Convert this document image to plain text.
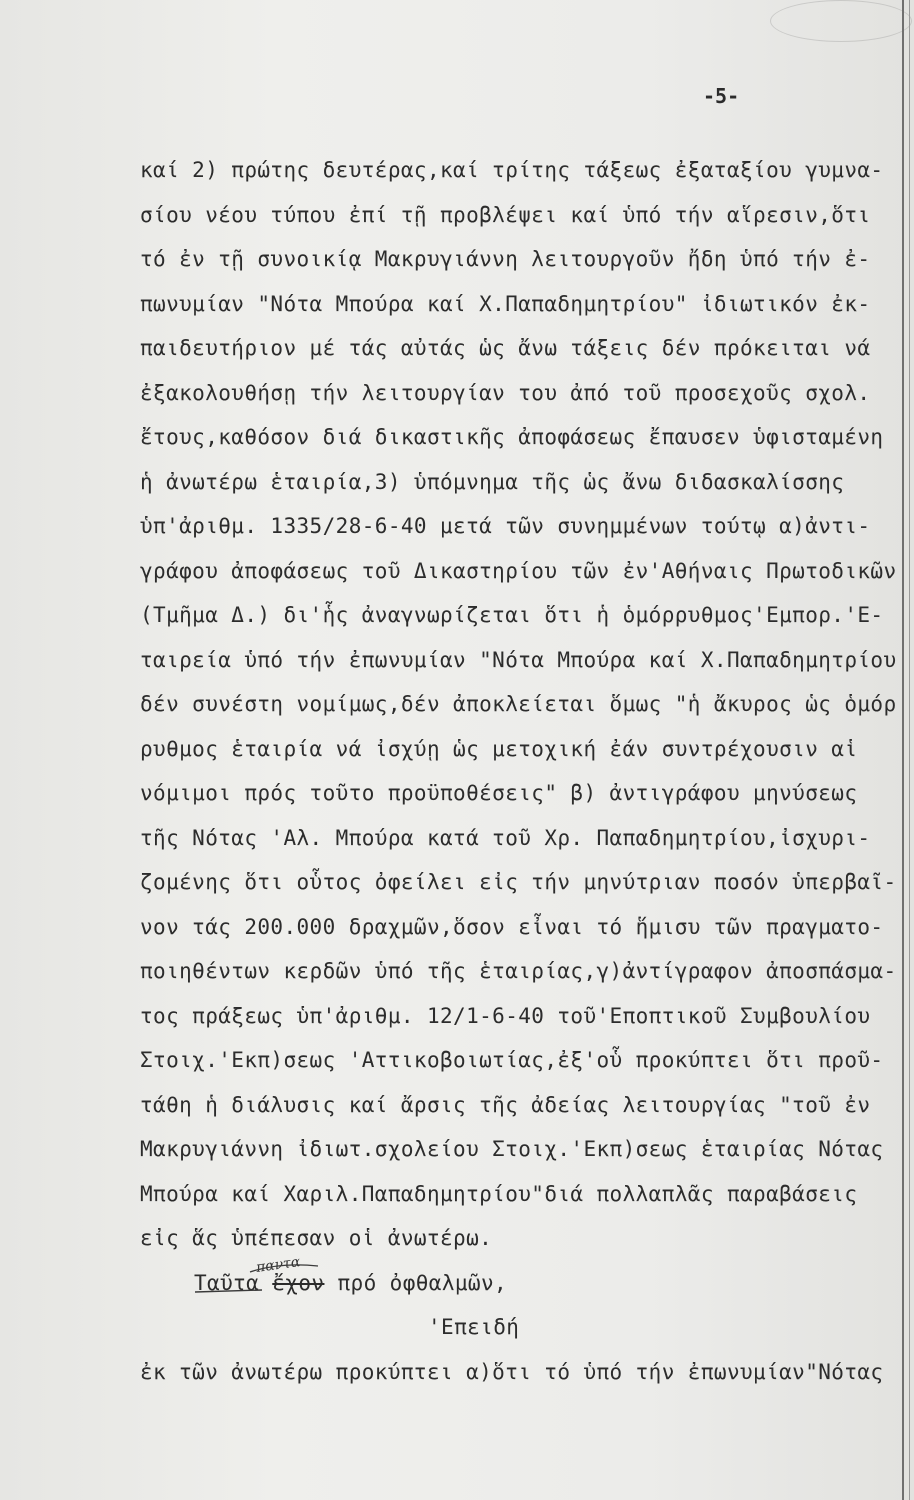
-5-
καί 2) πρώτης δευτέρας,καί τρίτης τάξεως ἐξαταξίου γυμνα-
σίου νέου τύπου ἐπί τῇ προβλέψει καί ὑπό τήν αἵρεσιν,ὅτι
τό ἐν τῇ συνοικίᾳ Μακρυγιάννη λειτουργοῦν ἤδη ὑπό τήν ἐ-
πωνυμίαν "Νότα Μπούρα καί Χ.Παπαδημητρίου" ἰδιωτικόν ἐκ-
παιδευτήριον μέ τάς αὐτάς ὡς ἄνω τάξεις δέν πρόκειται νά
ἐξακολουθήσῃ τήν λειτουργίαν του ἀπό τοῦ προσεχοῦς σχολ.
ἔτους,καθόσον διά δικαστικῆς ἀποφάσεως ἔπαυσεν ὑφισταμένη
ἡ ἀνωτέρω ἑταιρία,3) ὑπόμνημα τῆς ὡς ἄνω διδασκαλίσσης
ὑπ'ἀριθμ. 1335/28-6-40 μετά τῶν συνημμένων τούτῳ α)ἀντι-
γράφου ἀποφάσεως τοῦ Δικαστηρίου τῶν ἐν'Αθήναις Πρωτοδικῶν
(Τμῆμα Δ.) δι'ἧς ἀναγνωρίζεται ὅτι ἡ ὁμόρρυθμος'Εμπορ.'Ε-
ταιρεία ὑπό τήν ἐπωνυμίαν "Νότα Μπούρα καί Χ.Παπαδημητρίου
δέν συνέστη νομίμως,δέν ἀποκλείεται ὅμως "ἡ ἄκυρος ὡς ὁμόρ
ρυθμος ἑταιρία νά ἰσχύῃ ὡς μετοχική ἐάν συντρέχουσιν αἱ
νόμιμοι πρός τοῦτο προϋποθέσεις" β) ἀντιγράφου μηνύσεως
τῆς Νότας 'Αλ. Μπούρα κατά τοῦ Χρ. Παπαδημητρίου,ἰσχυρι-
ζομένης ὅτι οὗτος ὀφείλει εἰς τήν μηνύτριαν ποσόν ὑπερβαῖ-
νον τάς 200.000 δραχμῶν,ὅσον εἶναι τό ἥμισυ τῶν πραγματο-
ποιηθέντων κερδῶν ὑπό τῆς ἑταιρίας,γ)ἀντίγραφον ἀποσπάσμα-
τος πράξεως ὑπ'ἀριθμ. 12/1-6-40 τοῦ'Εποπτικοῦ Συμβουλίου
Στοιχ.'Εκπ)σεως 'Αττικοβοιωτίας,ἐξ'οὗ προκύπτει ὅτι προῦ-
τάθη ἡ διάλυσις καί ἄρσις τῆς ἀδείας λειτουργίας "τοῦ ἐν
Μακρυγιάννη ἰδιωτ.σχολείου Στοιχ.'Εκπ)σεως ἑταιρίας Νότας
Μπούρα καί Χαριλ.Παπαδημητρίου"διά πολλαπλᾶς παραβάσεις
εἰς ἅς ὑπέπεσαν οἱ ἀνωτέρω.
Ταῦτα ἔχον πρό ὀφθαλμῶν,
'Επειδή
ἐκ τῶν ἀνωτέρω προκύπτει α)ὅτι τό ὑπό τήν ἐπωνυμίαν"Νότας
παντα
